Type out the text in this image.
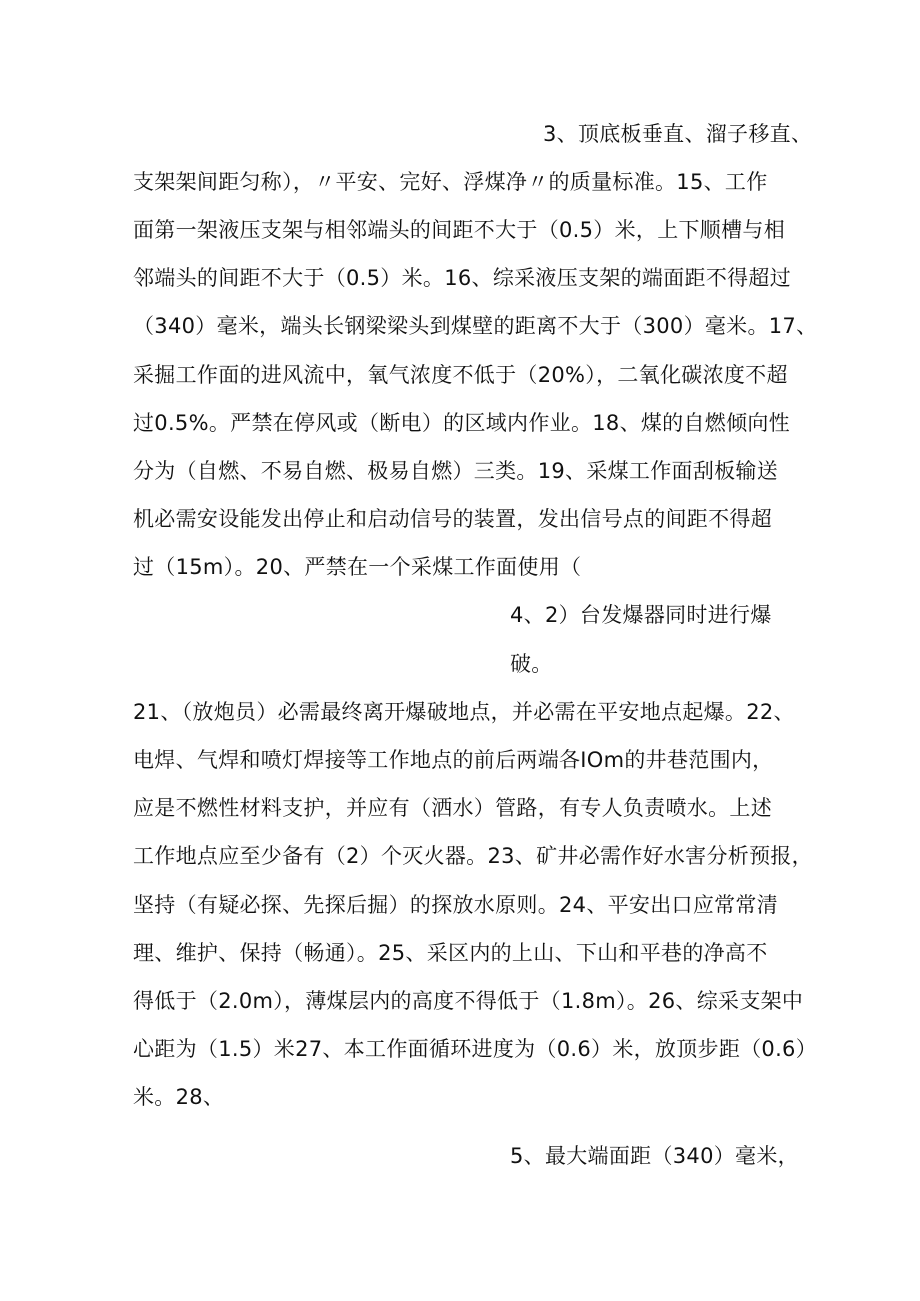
3、顶底板垂直、溜子移直、
支架架间距匀称），〃平安、完好、浮煤净〃的质量标准。15、工作
面第一架液压支架与相邻端头的间距不大于（0.5）米，上下顺槽与相
邻端头的间距不大于（0.5）米。16、综采液压支架的端面距不得超过
（340）毫米，端头长钢梁梁头到煤壁的距离不大于（300）毫米。17、
采掘工作面的进风流中，氧气浓度不低于（20%），二氧化碳浓度不超
过0.5%。严禁在停风或（断电）的区域内作业。18、煤的自燃倾向性
分为（自燃、不易自燃、极易自燃）三类。19、采煤工作面刮板输送
机必需安设能发出停止和启动信号的装置，发出信号点的间距不得超
过（15m）。20、严禁在一个采煤工作面使用（
4、2）台发爆器同时进行爆
破。
21、（放炮员）必需最终离开爆破地点，并必需在平安地点起爆。22、
电焊、气焊和喷灯焊接等工作地点的前后两端各IOm的井巷范围内，
应是不燃性材料支护，并应有（洒水）管路，有专人负责喷水。上述
工作地点应至少备有（2）个灭火器。23、矿井必需作好水害分析预报，
坚持（有疑必探、先探后掘）的探放水原则。24、平安出口应常常清
理、维护、保持（畅通）。25、采区内的上山、下山和平巷的净高不
得低于（2.0m），薄煤层内的高度不得低于（1.8m）。26、综采支架中
心距为（1.5）米27、本工作面循环进度为（0.6）米，放顶步距（0.6）
米。28、
5、最大端面距（340）毫米，
